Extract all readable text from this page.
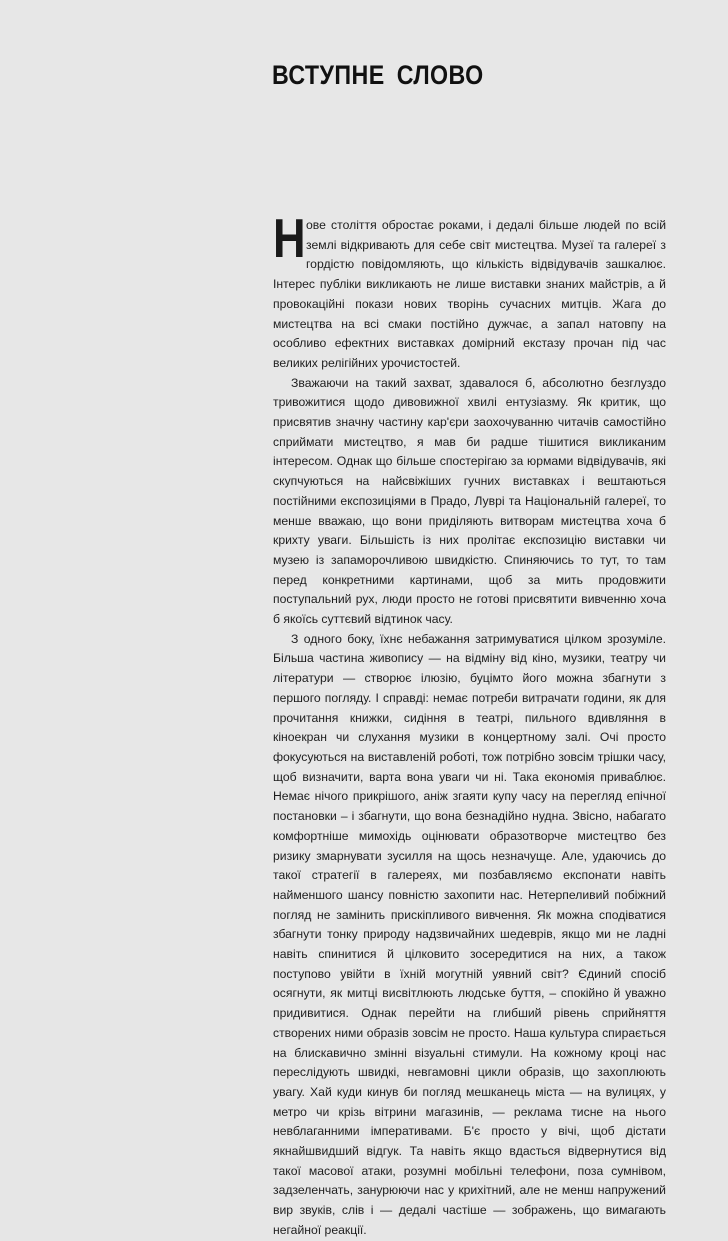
ВСТУПНЕ СЛОВО

Нове століття обростає роками, і дедалі більше людей по всій землі відкривають для себе світ мистецтва. Музеї та галереї з гордістю повідомляють, що кількість відвідувачів зашкалює. Інтерес публіки викликають не лише виставки знаних майстрів, а й провокаційні покази нових творінь сучасних митців. Жага до мистецтва на всі смаки постійно дужчає, а запал натовпу на особливо ефектних виставках домірний екстазу прочан під час великих релігійних урочистостей.

Зважаючи на такий захват, здавалося б, абсолютно безглуздо тривожитися щодо дивовижної хвилі ентузіазму. Як критик, що присвятив значну частину кар'єри заохочуванню читачів самостійно сприймати мистецтво, я мав би радше тішитися викликаним інтересом. Однак що більше спостерігаю за юрмами відвідувачів, які скупчуються на найсвіжіших гучних виставках і вештаються постійними експозиціями в Прадо, Луврі та Національній галереї, то менше вважаю, що вони приділяють витворам мистецтва хоча б крихту уваги. Більшість із них пролітає експозицію виставки чи музею із запаморочливою швидкістю. Спиняючись то тут, то там перед конкретними картинами, щоб за мить продовжити поступальний рух, люди просто не готові присвятити вивченню хоча б якоїсь суттєвий відтинок часу.

З одного боку, їхнє небажання затримуватися цілком зрозуміле. Більша частина живопису — на відміну від кіно, музики, театру чи літератури — створює ілюзію, буцімто його можна збагнути з першого погляду. І справді: немає потреби витрачати години, як для прочитання книжки, сидіння в театрі, пильного вдивляння в кіноекран чи слухання музики в концертному залі. Очі просто фокусуються на виставленій роботі, тож потрібно зовсім трішки часу, щоб визначити, варта вона уваги чи ні. Така економія приваблює. Немає нічого прикрішого, аніж згаяти купу часу на перегляд епічної постановки – і збагнути, що вона безнадійно нудна. Звісно, набагато комфортніше мимохідь оцінювати образотворче мистецтво без ризику змарнувати зусилля на щось незначуще. Але, удаючись до такої стратегії в галереях, ми позбавляємо експонати навіть найменшого шансу повністю захопити нас. Нетерпеливий побіжний погляд не замінить прискіпливого вивчення. Як можна сподіватися збагнути тонку природу надзвичайних шедеврів, якщо ми не ладні навіть спинитися й цілковито зосередитися на них, а також поступово увійти в їхній могутній уявний світ? Єдиний спосіб осягнути, як митці висвітлюють людське буття, – спокійно й уважно придивитися. Однак перейти на глибший рівень сприйняття створених ними образів зовсім не просто. Наша культура спирається на блискавично змінні візуальні стимули. На кожному кроці нас переслідують швидкі, невгамовні цикли образів, що захоплюють увагу. Хай куди кинув би погляд мешканець міста — на вулицях, у метро чи крізь вітрини магазинів, — реклама тисне на нього невблаганними імперативами. Б'є просто у вічі, щоб дістати якнайшвидший відгук. Та навіть якщо вдасться відвернутися від такої масової атаки, розумні мобільні телефони, поза сумнівом, задзеленчать, занурюючи нас у крихітний, але не менш напружений вир звуків, слів і — дедалі частіше — зображень, що вимагають негайної реакції.
